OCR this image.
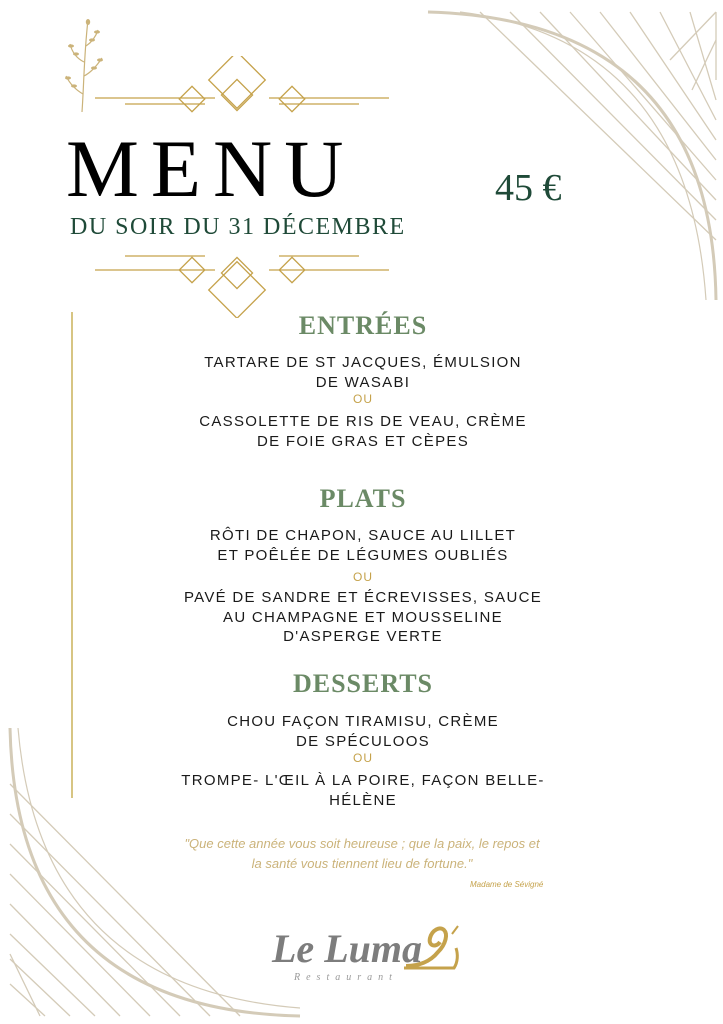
MENU
DU SOIR DU 31 DÉCEMBRE
45 €
ENTRÉES
TARTARE DE ST JACQUES, ÉMULSION DE WASABI
OU
CASSOLETTE DE RIS DE VEAU, CRÈME DE FOIE GRAS ET CÈPES
PLATS
RÔTI DE CHAPON, SAUCE AU LILLET ET POÊLÉE DE LÉGUMES OUBLIÉS
OU
PAVÉ DE SANDRE ET ÉCREVISSES, SAUCE AU CHAMPAGNE ET MOUSSELINE D'ASPERGE VERTE
DESSERTS
CHOU FAÇON TIRAMISU, CRÈME DE SPÉCULOOS
OU
TROMPE- L'ŒIL À LA POIRE, FAÇON BELLE-HÉLÈNE
"Que cette année vous soit heureuse ; que la paix, le repos et la santé vous tiennent lieu de fortune."
Madame de Sévigné
Le Luma
Restaurant
